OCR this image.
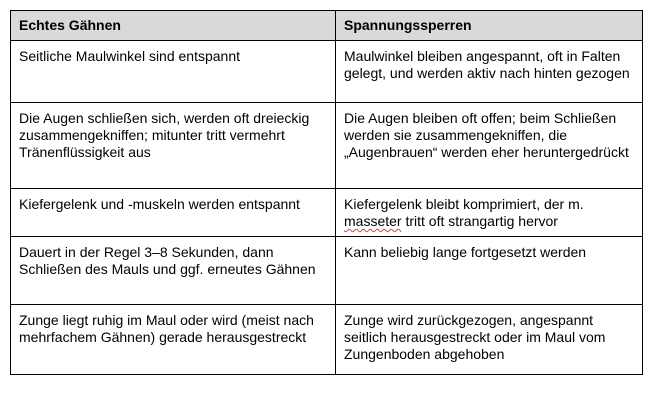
Echtes Gähnen	Spannungssperren
Seitliche Maulwinkel sind entspannt	Maulwinkel bleiben angespannt, oft in Falten gelegt, und werden aktiv nach hinten gezogen
Die Augen schließen sich, werden oft dreieckig zusammengekniffen; mitunter tritt vermehrt Tränenflüssigkeit aus	Die Augen bleiben oft offen; beim Schließen werden sie zusammengekniffen, die „Augenbrauen“ werden eher heruntergedrückt
Kiefergelenk und -muskeln werden entspannt	Kiefergelenk bleibt komprimiert, der m. masseter tritt oft strangartig hervor
Dauert in der Regel 3–8 Sekunden, dann Schließen des Mauls und ggf. erneutes Gähnen	Kann beliebig lange fortgesetzt werden
Zunge liegt ruhig im Maul oder wird (meist nach mehrfachem Gähnen) gerade herausgestreckt	Zunge wird zurückgezogen, angespannt seitlich herausgestreckt oder im Maul vom Zungenboden abgehoben
